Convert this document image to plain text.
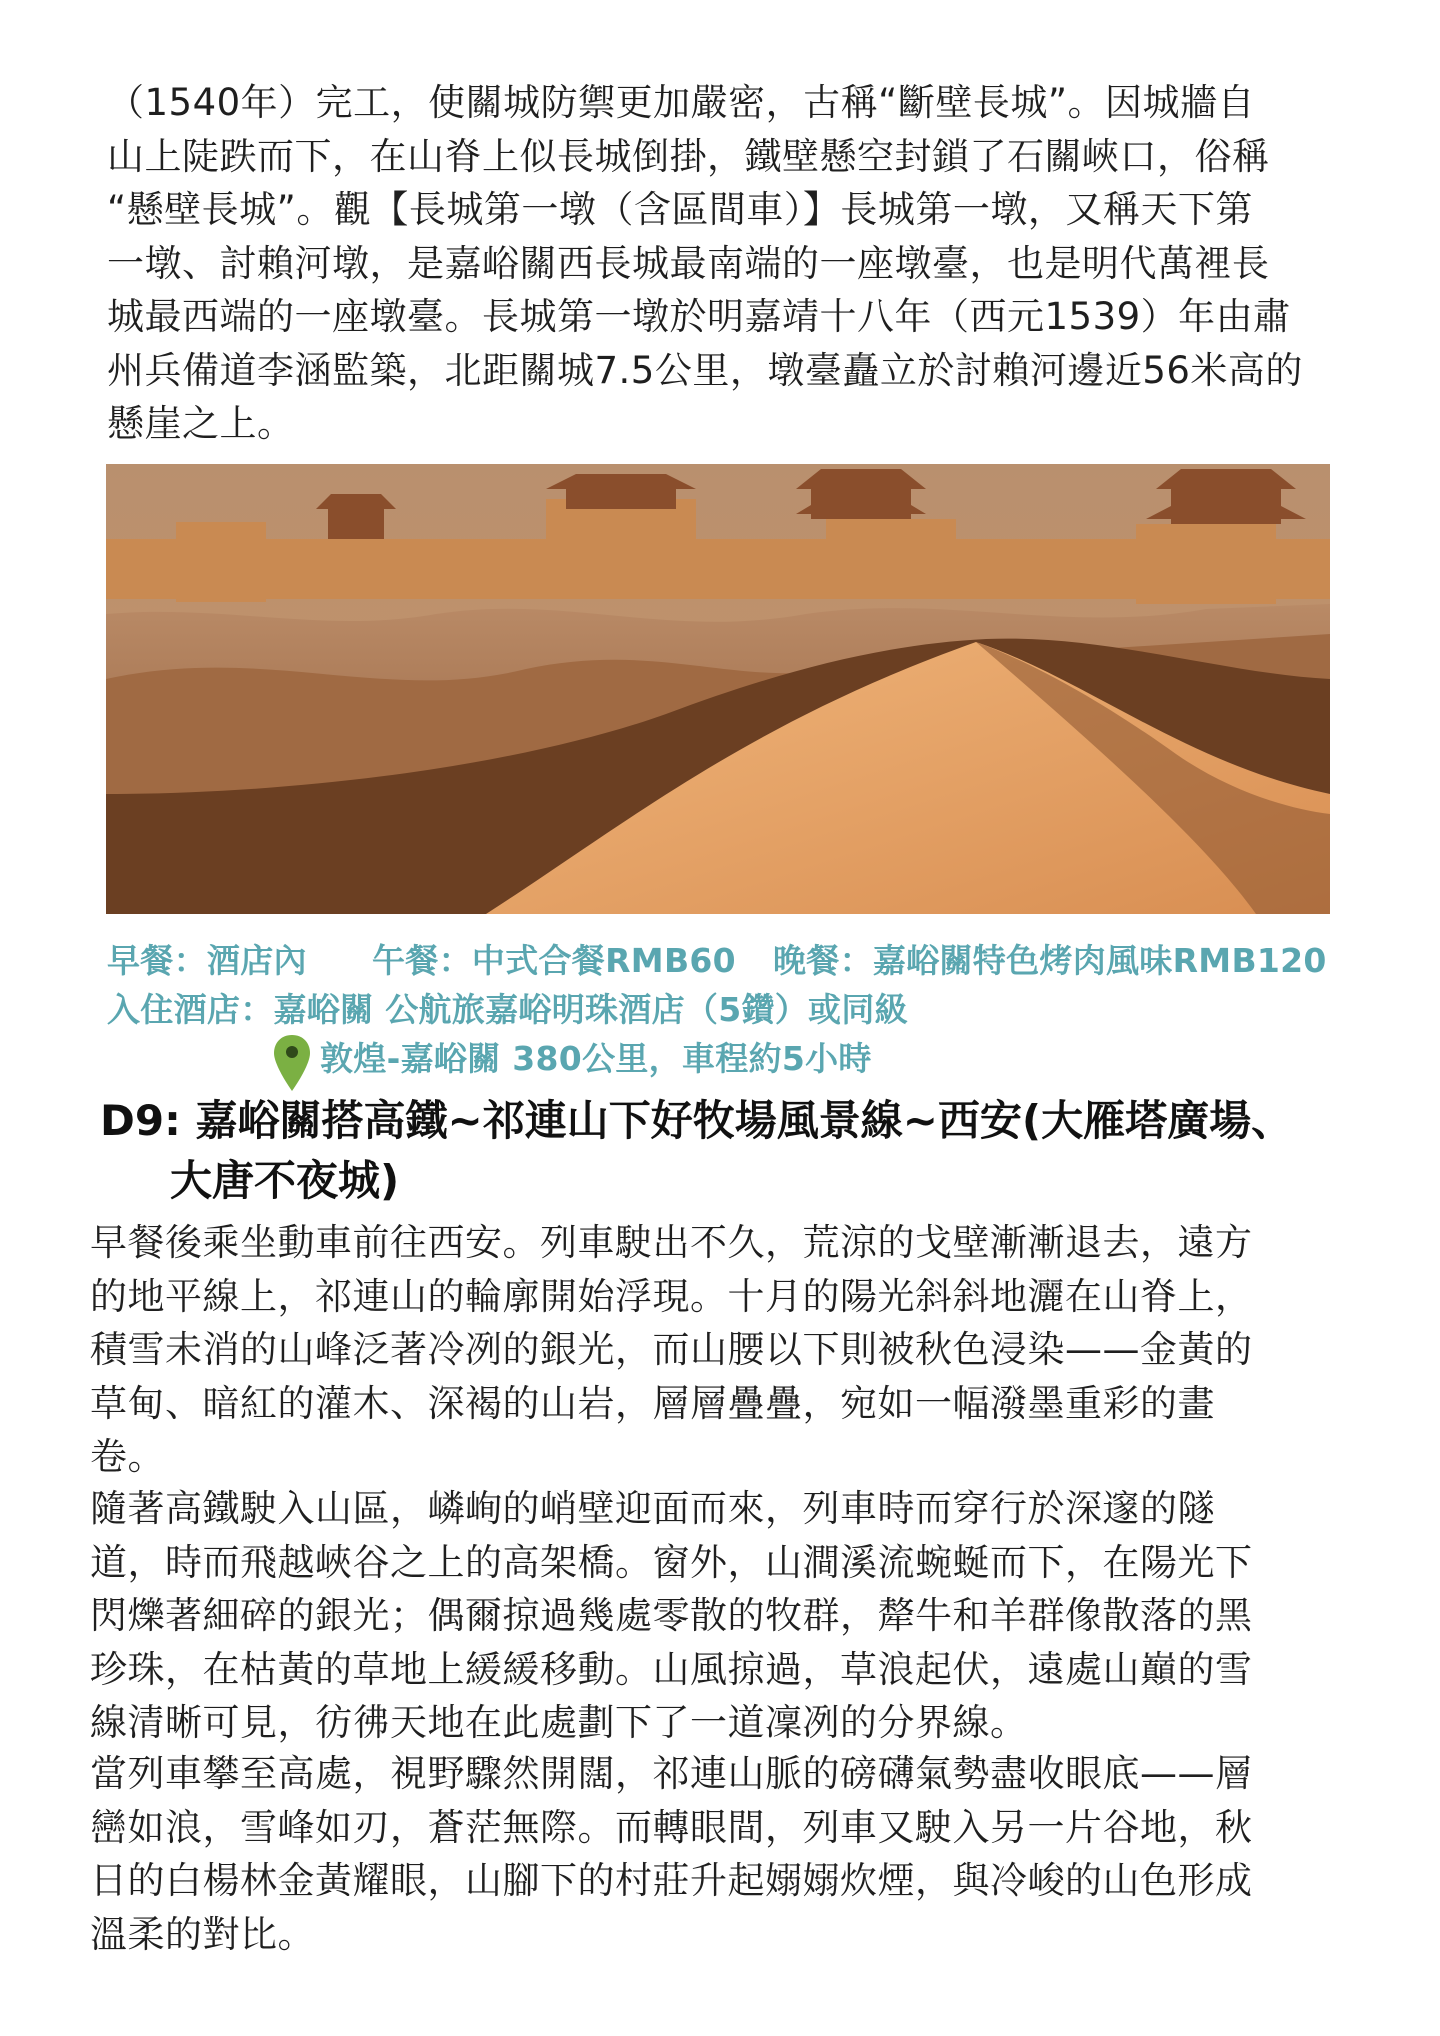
（1540年）完工，使關城防禦更加嚴密，古稱“斷壁長城”。因城牆自
山上陡跌而下，在山脊上似長城倒掛，鐵壁懸空封鎖了石關峽口，俗稱
“懸壁長城”。觀【長城第一墩（含區間車）】長城第一墩，又稱天下第
一墩、討賴河墩，是嘉峪關西長城最南端的一座墩臺，也是明代萬裡長
城最西端的一座墩臺。長城第一墩於明嘉靖十八年（西元1539）年由肅
州兵備道李涵監築，北距關城7.5公里，墩臺矗立於討賴河邊近56米高的
懸崖之上。

早餐：酒店內 午餐：中式合餐RMB60 晚餐：嘉峪關特色烤肉風味RMB120
入住酒店：嘉峪關 公航旅嘉峪明珠酒店（5鑽）或同級
敦煌-嘉峪關 380公里，車程約5小時
D9: 嘉峪關搭高鐵~祁連山下好牧場風景線~西安(大雁塔廣場、
大唐不夜城)

早餐後乘坐動車前往西安。列車駛出不久，荒涼的戈壁漸漸退去，遠方
的地平線上，祁連山的輪廓開始浮現。十月的陽光斜斜地灑在山脊上，
積雪未消的山峰泛著冷冽的銀光，而山腰以下則被秋色浸染——金黃的
草甸、暗紅的灌木、深褐的山岩，層層疊疊，宛如一幅潑墨重彩的畫
卷。

隨著高鐵駛入山區，嶙峋的峭壁迎面而來，列車時而穿行於深邃的隧
道，時而飛越峽谷之上的高架橋。窗外，山澗溪流蜿蜒而下，在陽光下
閃爍著細碎的銀光；偶爾掠過幾處零散的牧群，犛牛和羊群像散落的黑
珍珠，在枯黃的草地上緩緩移動。山風掠過，草浪起伏，遠處山巔的雪
線清晰可見，彷彿天地在此處劃下了一道凜冽的分界線。

當列車攀至高處，視野驟然開闊，祁連山脈的磅礴氣勢盡收眼底——層
巒如浪，雪峰如刃，蒼茫無際。而轉眼間，列車又駛入另一片谷地，秋
日的白楊林金黃耀眼，山腳下的村莊升起嫋嫋炊煙，與冷峻的山色形成
溫柔的對比。
